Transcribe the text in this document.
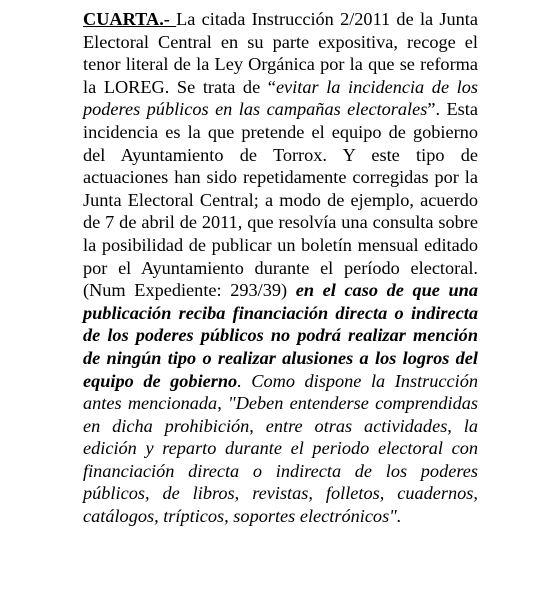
CUARTA.- La citada Instrucción 2/2011 de la Junta Electoral Central en su parte expositiva, recoge el tenor literal de la Ley Orgánica por la que se reforma la LOREG. Se trata de “evitar la incidencia de los poderes públicos en las campañas electorales”. Esta incidencia es la que pretende el equipo de gobierno del Ayuntamiento de Torrox. Y este tipo de actuaciones han sido repetidamente corregidas por la Junta Electoral Central; a modo de ejemplo, acuerdo de 7 de abril de 2011, que resolvía una consulta sobre la posibilidad de publicar un boletín mensual editado por el Ayuntamiento durante el período electoral. (Num Expediente: 293/39) en el caso de que una publicación reciba financiación directa o indirecta de los poderes públicos no podrá realizar mención de ningún tipo o realizar alusiones a los logros del equipo de gobierno. Como dispone la Instrucción antes mencionada, "Deben entenderse comprendidas en dicha prohibición, entre otras actividades, la edición y reparto durante el periodo electoral con financiación directa o indirecta de los poderes públicos, de libros, revistas, folletos, cuadernos, catálogos, trípticos, soportes electrónicos".
